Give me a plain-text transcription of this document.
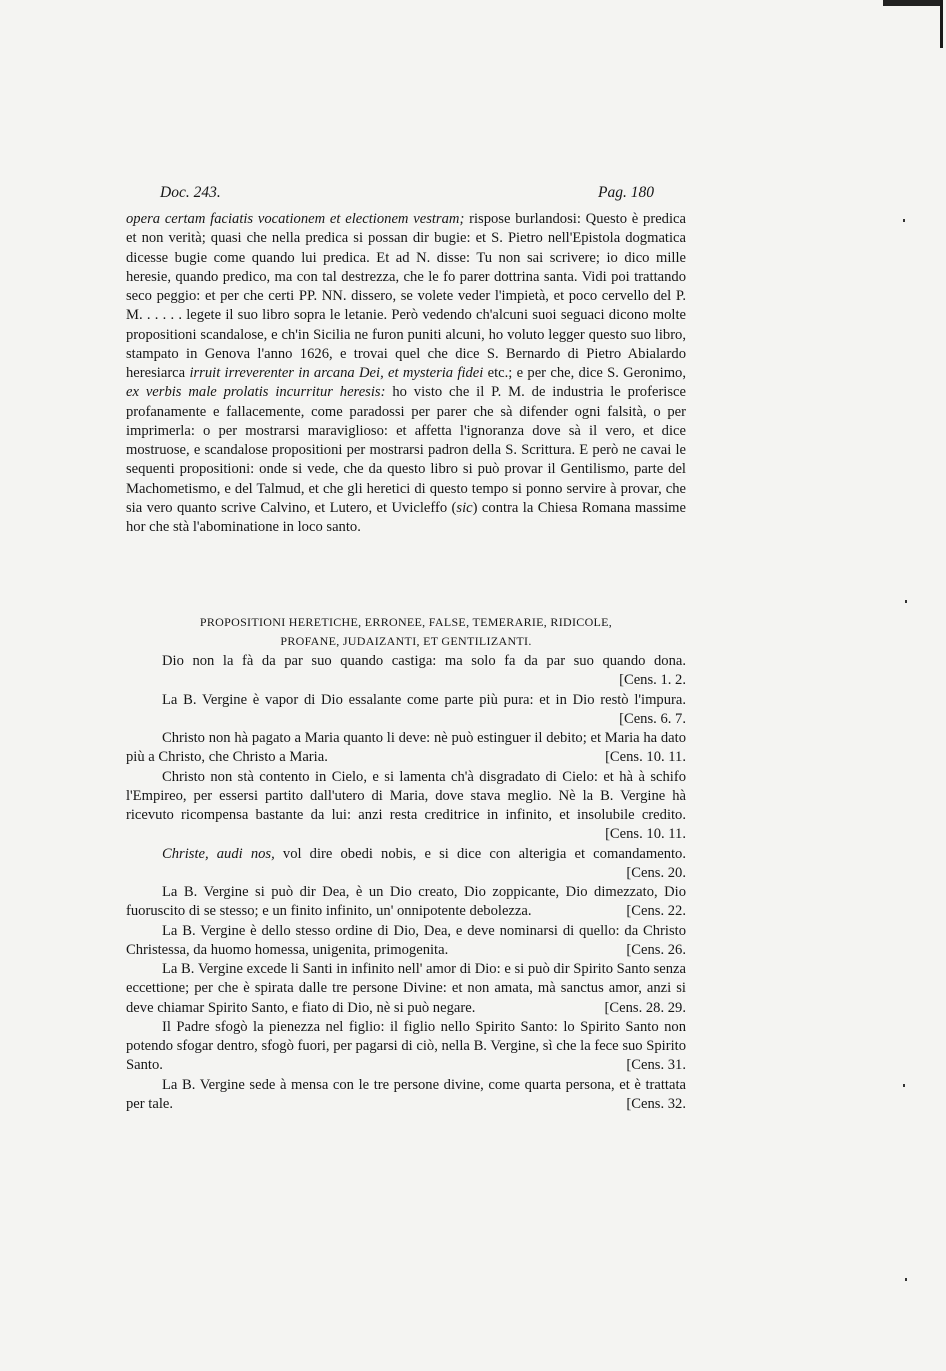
Doc. 243.	Pag. 180

opera certam faciatis vocationem et electionem vestram; rispose burlandosi: Questo è predica et non verità; quasi che nella predica si possan dir bugie: et S. Pietro nell'Epistola dogmatica dicesse bugie come quando lui predica. Et ad N. disse: Tu non sai scrivere; io dico mille heresie, quando predico, ma con tal destrezza, che le fo parer dottrina santa. Vidi poi trattando seco peggio: et per che certi PP. NN. dissero, se volete veder l'impietà, et poco cervello del P. M. . . . . . legete il suo libro sopra le letanie. Però vedendo ch'alcuni suoi seguaci dicono molte propositioni scandalose, e ch'in Sicilia ne furon puniti alcuni, ho voluto legger questo suo libro, stampato in Genova l'anno 1626, e trovai quel che dice S. Bernardo di Pietro Abialardo heresiarca irruit irreverenter in arcana Dei, et mysteria fidei etc.; e per che, dice S. Geronimo, ex verbis male prolatis incurritur heresis: ho visto che il P. M. de industria le proferisce profanamente e fallacemente, come paradossi per parer che sà difender ogni falsità, o per imprimerla: o per mostrarsi maraviglioso: et affetta l'ignoranza dove sà il vero, et dice mostruose, e scandalose propositioni per mostrarsi padron della S. Scrittura. E però ne cavai le sequenti propositioni: onde si vede, che da questo libro si può provar il Gentilismo, parte del Machometismo, e del Talmud, et che gli heretici di questo tempo si ponno servire à provar, che sia vero quanto scrive Calvino, et Lutero, et Uvicleffo (sic) contra la Chiesa Romana massime hor che stà l'abominatione in loco santo.

PROPOSITIONI HERETICHE, ERRONEE, FALSE, TEMERARIE, RIDICOLE,
PROFANE, JUDAIZANTI, ET GENTILIZANTI.
Dio non la fà da par suo quando castiga: ma solo fa da par suo quando dona.
[Cens. 1. 2.
La B. Vergine è vapor di Dio essalante come parte più pura: et in Dio restò l'impura.
[Cens. 6. 7.
Christo non hà pagato a Maria quanto li deve: nè può estinguer il debito; et Maria ha dato più a Christo, che Christo a Maria.	[Cens. 10. 11.
Christo non stà contento in Cielo, e si lamenta ch'à disgradato di Cielo: et hà à schifo l'Empireo, per essersi partito dall'utero di Maria, dove stava meglio. Nè la B. Vergine hà ricevuto ricompensa bastante da lui: anzi resta creditrice in infinito, et insolubile credito.
[Cens. 10. 11.
Christe, audi nos, vol dire obedi nobis, e si dice con alterigia et comandamento.
[Cens. 20.
La B. Vergine si può dir Dea, è un Dio creato, Dio zoppicante, Dio dimezzato, Dio fuoruscito di se stesso; e un finito infinito, un' onnipotente debolezza.	[Cens. 22.
La B. Vergine è dello stesso ordine di Dio, Dea, e deve nominarsi di quello: da Christo Christessa, da huomo homessa, unigenita, primogenita.	[Cens. 26.
La B. Vergine excede li Santi in infinito nell' amor di Dio: e si può dir Spirito Santo senza eccettione; per che è spirata dalle tre persone Divine: et non amata, mà sanctus amor, anzi si deve chiamar Spirito Santo, e fiato di Dio, nè si può negare.	[Cens. 28. 29.
Il Padre sfogò la pienezza nel figlio: il figlio nello Spirito Santo: lo Spirito Santo non potendo sfogar dentro, sfogò fuori, per pagarsi di ciò, nella B. Vergine, sì che la fece suo Spirito Santo.	[Cens. 31.
La B. Vergine sede à mensa con le tre persone divine, come quarta persona, et è trattata per tale.	[Cens. 32.
